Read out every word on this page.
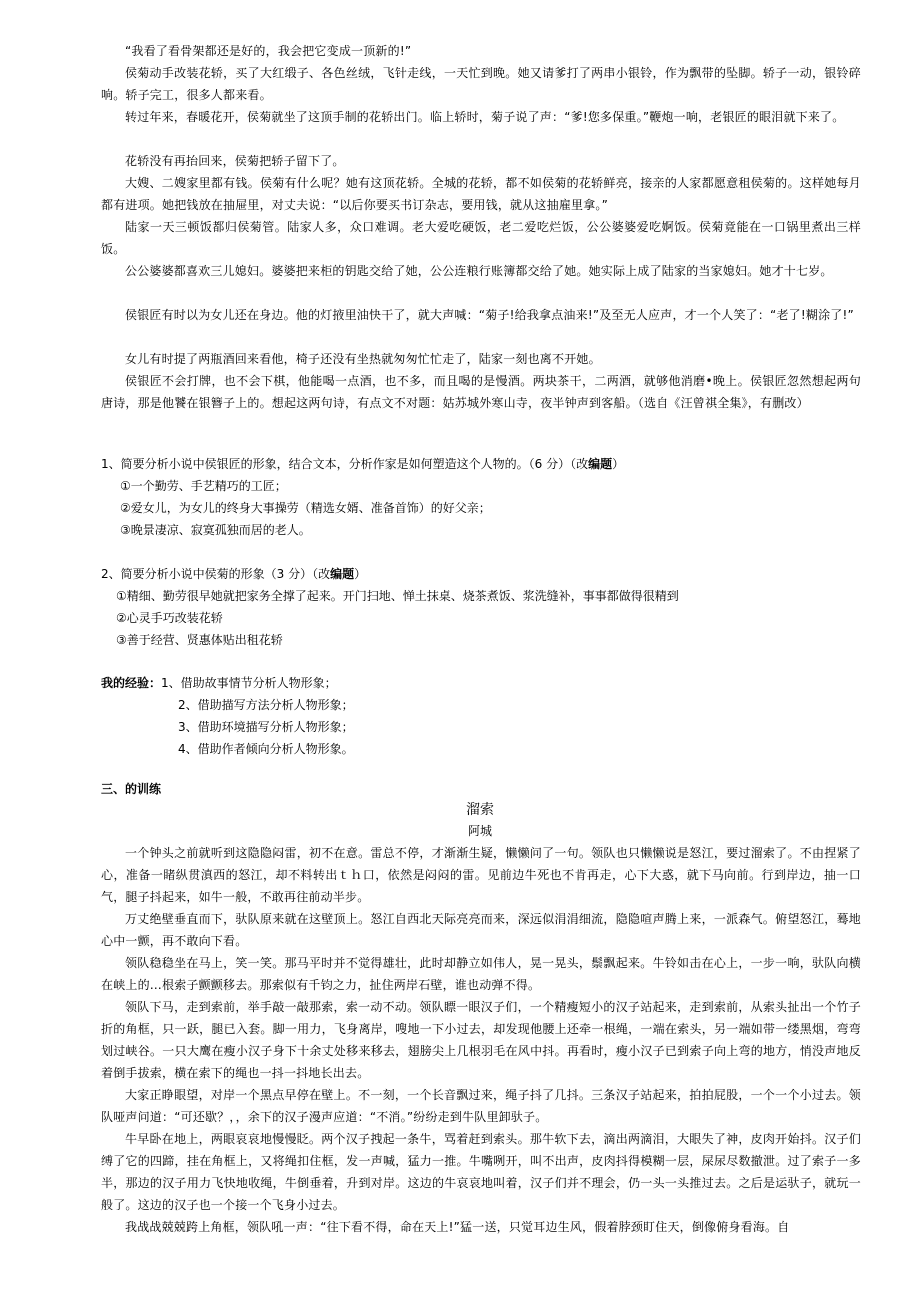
“我看了看骨架都还是好的，我会把它变成一顶新的!”

侯菊动手改装花轿，买了大红缎子、各色丝绒，飞针走线，一天忙到晚。她又请爹打了两串小银铃，作为飘带的坠脚。轿子一动，银铃碎响。轿子完工，很多人都来看。

转过年来，春暖花开，侯菊就坐了这顶手制的花轿出门。临上轿时，菊子说了声：“爹!您多保重。”鞭炮一响，老银匠的眼泪就下来了。

花轿没有再抬回来，侯菊把轿子留下了。

大嫂、二嫂家里都有钱。侯菊有什么呢？她有这顶花轿。全城的花轿，都不如侯菊的花轿鲜亮，接亲的人家都愿意租侯菊的。这样她每月都有进项。她把钱放在抽屉里，对丈夫说：“以后你要买书订杂志，要用钱，就从这抽雇里拿。”

陆家一天三顿饭都归侯菊管。陆家人多，众口难调。老大爱吃硬饭，老二爱吃烂饭，公公婆婆爱吃婀饭。侯菊竟能在一口锅里煮出三样饭。

公公婆婆都喜欢三儿媳妇。婆婆把来柜的钥匙交给了她，公公连粮行账簿都交给了她。她实际上成了陆家的当家媳妇。她才十七岁。

侯银匠有时以为女儿还在身边。他的灯掖里油快干了，就大声喊：“菊子!给我拿点油来!”及至无人应声，才一个人笑了：“老了!糊涂了!”

女儿有时提了两瓶酒回来看他，椅子还没有坐热就匆匆忙忙走了，陆家一刻也离不开她。

侯银匠不会打牌，也不会下棋，他能喝一点酒，也不多，而且喝的是慢酒。两块茶干，二两酒，就够他消磨•晚上。侯银匠忽然想起两句唐诗，那是他饕在银簪子上的。想起这两句诗，有点文不对题：姑苏城外寒山寺，夜半钟声到客船。（选自《汪曾祺全集》，有删改）

1、简要分析小说中侯银匠的形象，结合文本，分析作家是如何塑造这个人物的。（6 分）（改编题）

①一个勤劳、手艺精巧的工匠；

②爱女儿，为女儿的终身大事操劳（精选女婿、准备首饰）的好父亲；

③晚景凄凉、寂寞孤独而居的老人。

2、简要分析小说中侯菊的形象（3 分）（改编题）

①精细、勤劳很早她就把家务全撑了起来。开门扫地、惮土抹桌、烧茶煮饭、浆洗缝补，事事都做得很精到

②心灵手巧改装花轿

③善于经营、贤惠体贴出租花轿

我的经验：1、借助故事情节分析人物形象；

2、借助描写方法分析人物形象；

3、借助环境描写分析人物形象；

4、借助作者倾向分析人物形象。

三、的训练

溜索

阿城

一个钟头之前就听到这隐隐闷雷，初不在意。雷总不停，才渐渐生疑，懒懒问了一句。领队也只懒懒说是怒江，要过溜索了。不由捏紧了心，准备一睹纵贯滇西的怒江，却不料转出ｔｈ口，依然是闷闷的雷。见前边牛死也不肯再走，心下大惑，就下马向前。行到岸边，抽一口气，腿子抖起来，如牛一般，不敢再往前动半步。

万丈绝壁垂直而下，驮队原来就在这壁顶上。怒江自西北天际亮亮而来，深远似涓涓细流，隐隐喧声腾上来，一派森气。俯望怒江，蓦地心中一颤，再不敢向下看。

领队稳稳坐在马上，笑一笑。那马平时并不觉得雄壮，此时却静立如伟人，晃一晃头，鬃飘起来。牛铃如击在心上，一步一响，驮队向横在峡上的…根索子颤颤移去。那索似有千钧之力，扯住两岸石壁，谁也动弹不得。

领队下马，走到索前，举手敲一敲那索，索一动不动。领队瞟一眼汉子们，一个精瘦短小的汉子站起来，走到索前，从索头扯出一个竹子折的角框，只一跃，腿已入套。脚一用力，飞身离岸，嗖地一下小过去，却发现他腰上还牵一根绳，一端在索头，另一端如带一缕黑烟，弯弯划过峡谷。一只大鹰在瘦小汉子身下十余丈处移来移去，翅膀尖上几根羽毛在风中抖。再看时，瘦小汉子已到索子向上弯的地方，悄没声地反着倒手拔索，横在索下的绳也一抖一抖地长出去。

大家正睁眼望，对岸一个黑点早停在壁上。不一刻，一个长音飘过来，绳子抖了几抖。三条汉子站起来，拍拍屁股，一个一个小过去。领队哑声问道：“可还歇？，，余下的汉子漫声应道：“不消。”纷纷走到牛队里卸驮子。

牛早卧在地上，两眼哀哀地慢慢眨。两个汉子拽起一条牛，骂着赶到索头。那牛软下去，滴出两滴泪，大眼失了神，皮肉开始抖。汉子们缚了它的四蹄，挂在角框上，又将绳扣住框，发一声喊，猛力一推。牛嘴咧开，叫不出声，皮肉抖得模糊一层，屎尿尽数撤泄。过了索子一多半，那边的汉子用力飞快地收绳，牛倒垂着，升到对岸。这边的牛哀哀地叫着，汉子们并不理会，仍一头一头推过去。之后是运驮子，就玩一般了。这边的汉子也一个接一个飞身小过去。

我战战兢兢跨上角框，领队吼一声：“往下看不得，命在天上!”猛一送，只觉耳边生风，假着脖颈盯住天，倒像俯身看海。自
